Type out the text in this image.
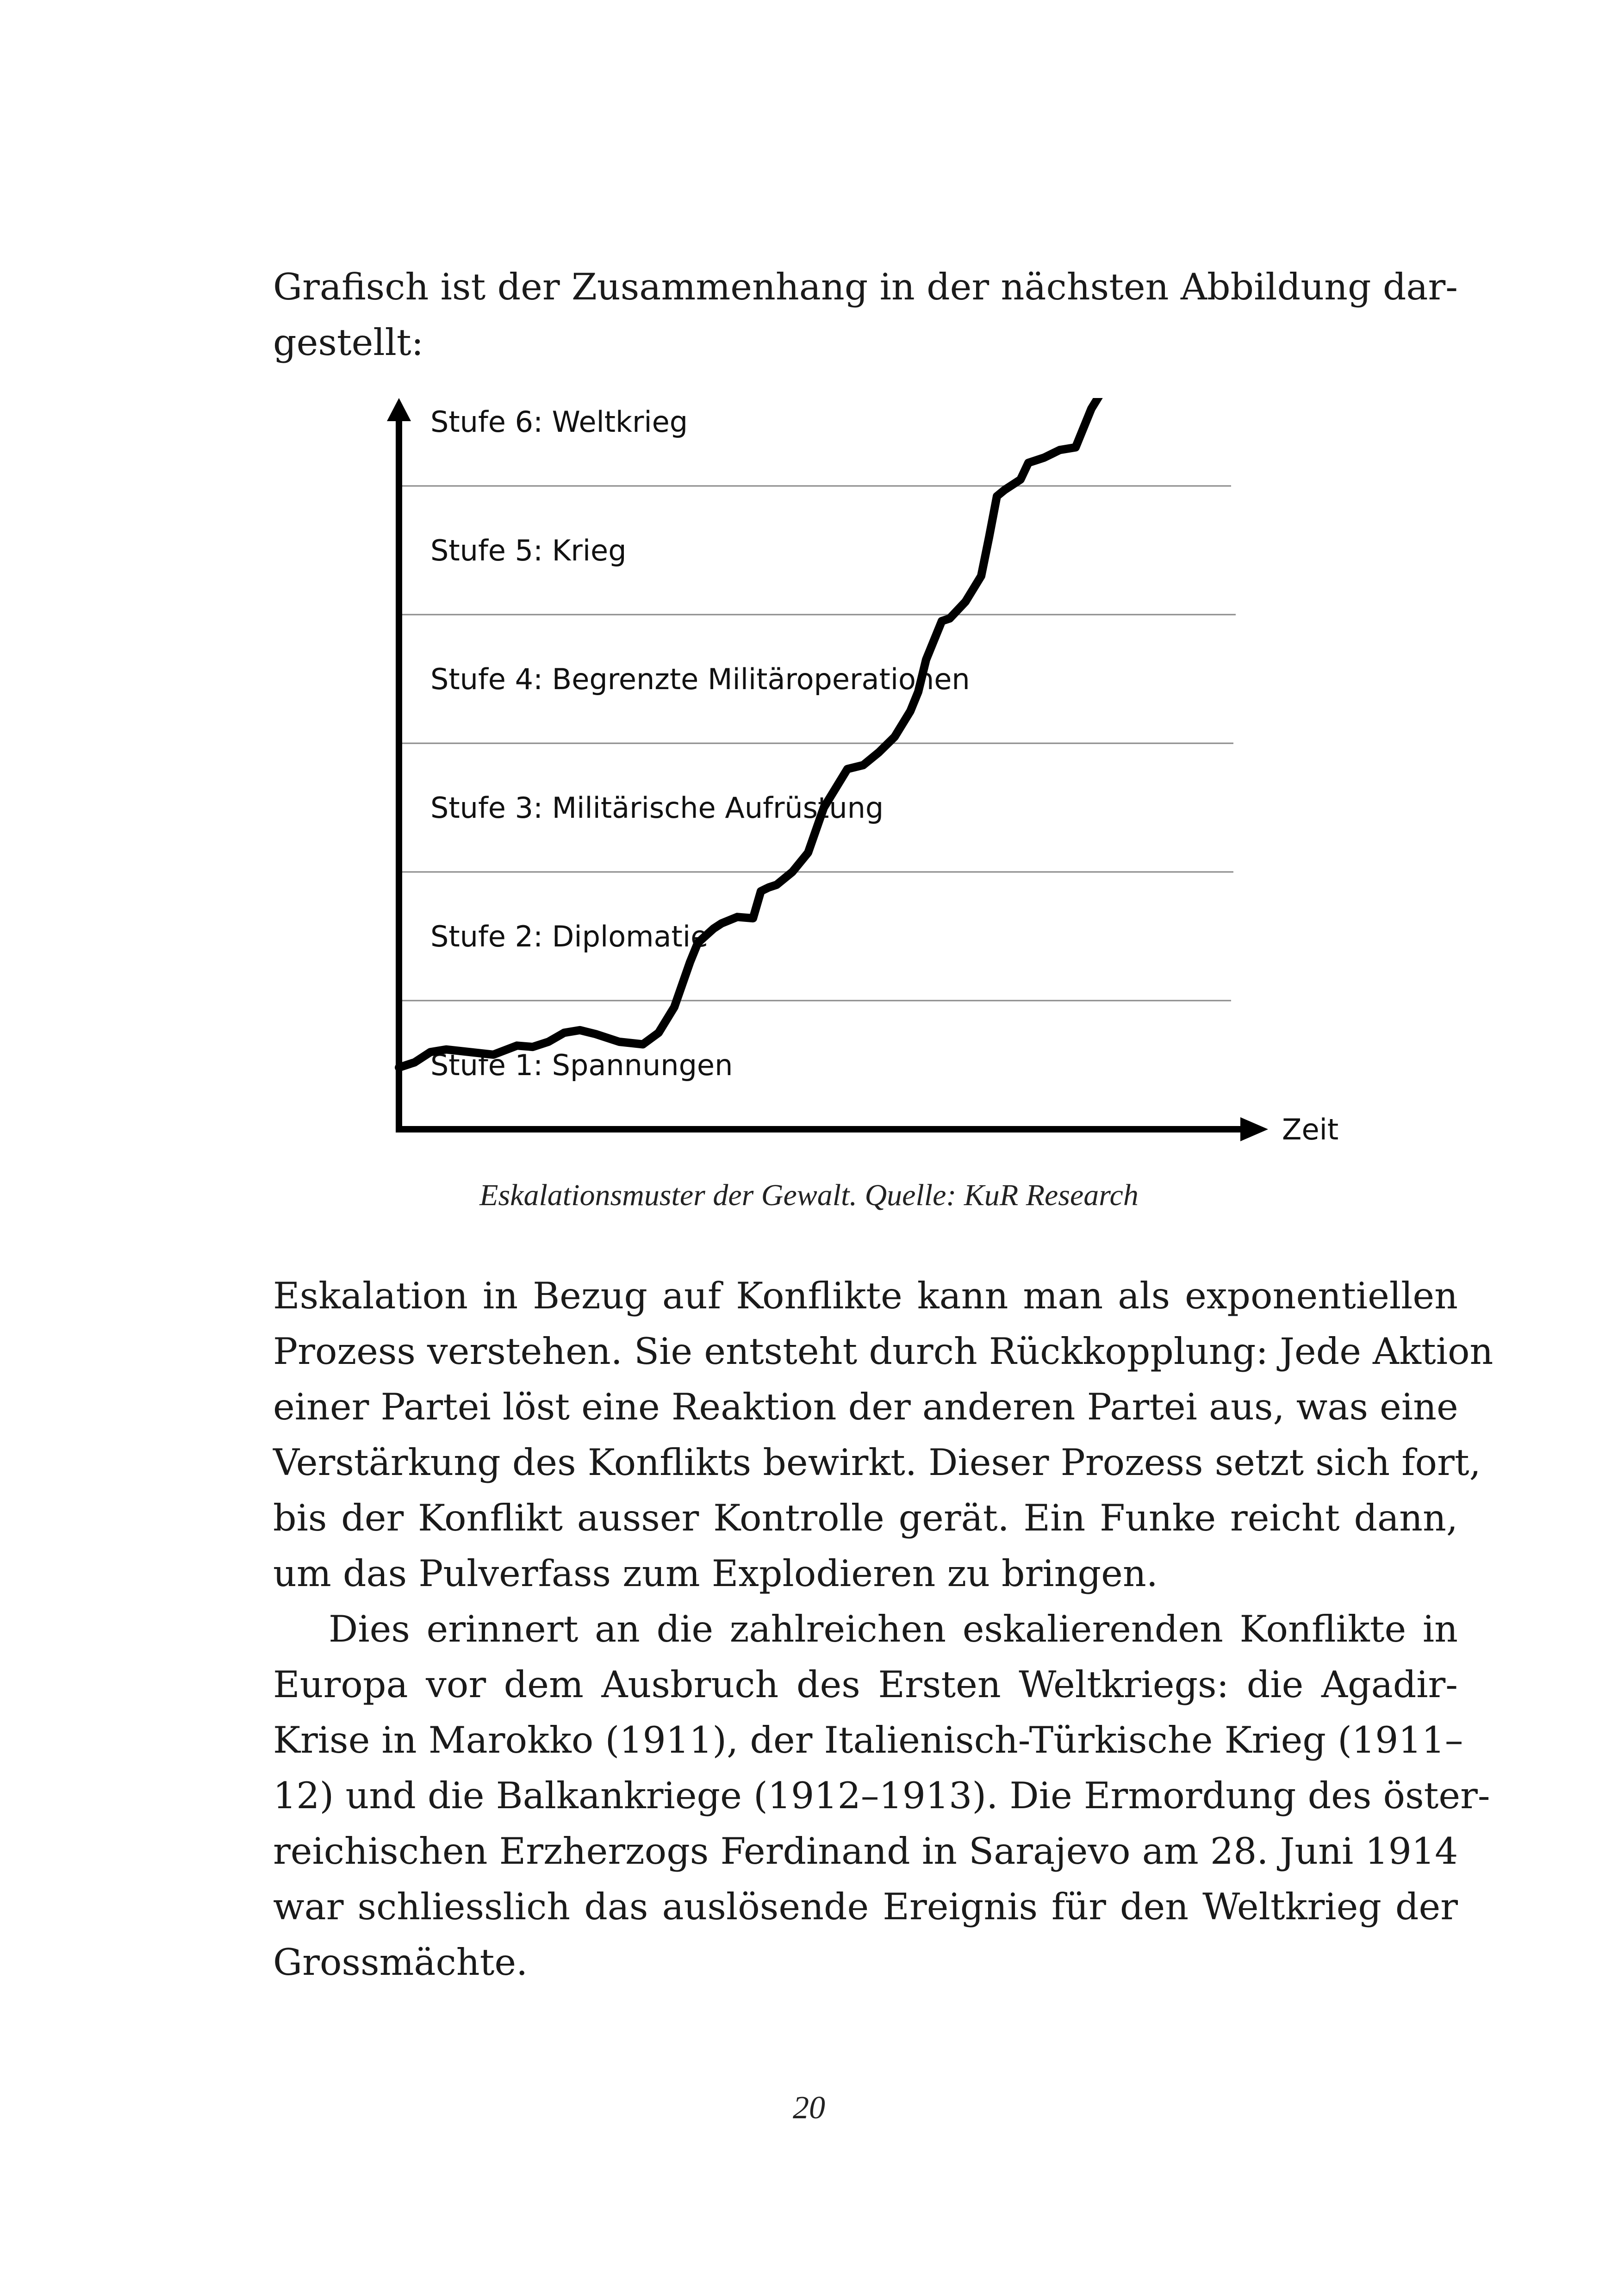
Grafisch ist der Zusammenhang in der nächsten Abbildung dar-
gestellt:
Stufe 1: Spannungen
Stufe 2: Diplomatie
Stufe 3: Militärische Aufrüstung
Stufe 4: Begrenzte Militäroperationen
Stufe 5: Krieg
Stufe 6: Weltkrieg
Zeit
Eskalationsmuster der Gewalt. Quelle: KuR Research
Eskalation in Bezug auf Konflikte kann man als exponentiellen
Prozess verstehen. Sie entsteht durch Rückkopplung: Jede Aktion
einer Partei löst eine Reaktion der anderen Partei aus, was eine
Verstärkung des Konflikts bewirkt. Dieser Prozess setzt sich fort,
bis der Konflikt ausser Kontrolle gerät. Ein Funke reicht dann,
um das Pulverfass zum Explodieren zu bringen.
Dies erinnert an die zahlreichen eskalierenden Konflikte in
Europa vor dem Ausbruch des Ersten Weltkriegs: die Agadir-
Krise in Marokko (1911), der Italienisch-Türkische Krieg (1911–
12) und die Balkankriege (1912–1913). Die Ermordung des öster-
reichischen Erzherzogs Ferdinand in Sarajevo am 28. Juni 1914
war schliesslich das auslösende Ereignis für den Weltkrieg der
Grossmächte.
20
